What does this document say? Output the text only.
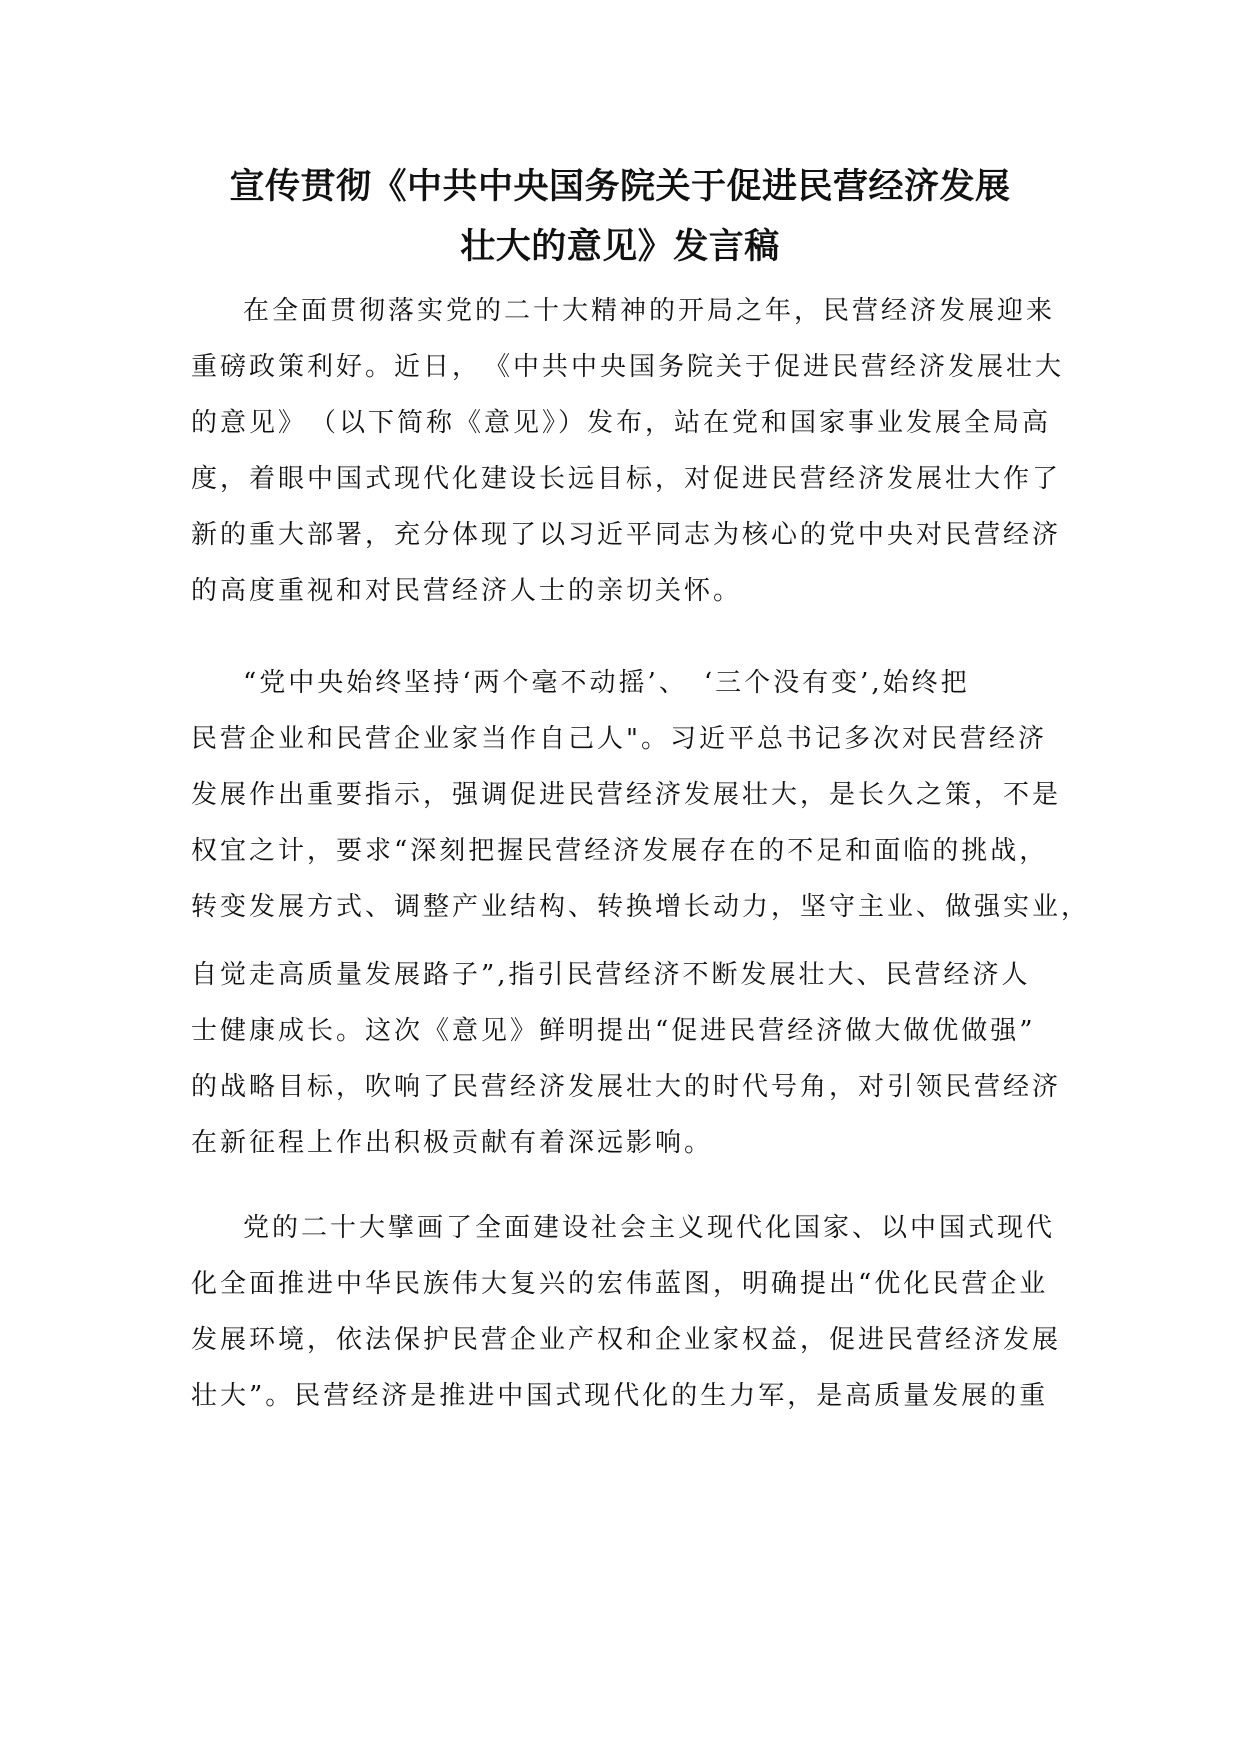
宣传贯彻《中共中央国务院关于促进民营经济发展
壮大的意见》发言稿
在全面贯彻落实党的二十大精神的开局之年，民营经济发展迎来
重磅政策利好。近日，　《中共中央国务院关于促进民营经济发展壮大
的意见》　（以下简称《意见》）发布，站在党和国家事业发展全局高
度，着眼中国式现代化建设长远目标，对促进民营经济发展壮大作了
新的重大部署，充分体现了以习近平同志为核心的党中央对民营经济
的高度重视和对民营经济人士的亲切关怀。
“党中央始终坚持‘两个毫不动摇’、　‘三个没有变’,始终把
民营企业和民营企业家当作自己人"。习近平总书记多次对民营经济
发展作出重要指示，强调促进民营经济发展壮大，是长久之策，不是
权宜之计，要求“深刻把握民营经济发展存在的不足和面临的挑战，
转变发展方式、调整产业结构、转换增长动力，坚守主业、做强实业，
自觉走高质量发展路子”,指引民营经济不断发展壮大、民营经济人
士健康成长。这次《意见》鲜明提出“促进民营经济做大做优做强”
的战略目标，吹响了民营经济发展壮大的时代号角，对引领民营经济
在新征程上作出积极贡献有着深远影响。
党的二十大擘画了全面建设社会主义现代化国家、以中国式现代
化全面推进中华民族伟大复兴的宏伟蓝图，明确提出“优化民营企业
发展环境，依法保护民营企业产权和企业家权益，促进民营经济发展
壮大”。民营经济是推进中国式现代化的生力军，是高质量发展的重
